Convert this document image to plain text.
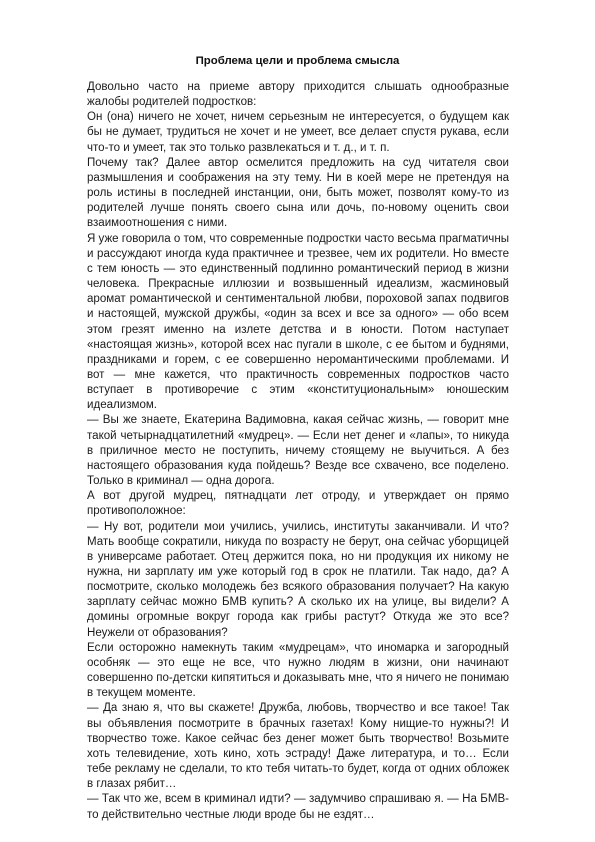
Проблема цели и проблема смысла

Довольно часто на приеме автору приходится слышать однообразные жалобы родителей подростков:

Он (она) ничего не хочет, ничем серьезным не интересуется, о будущем как бы не думает, трудиться не хочет и не умеет, все делает спустя рукава, если что-то и умеет, так это только развлекаться и т. д., и т. п.

Почему так? Далее автор осмелится предложить на суд читателя свои размышления и соображения на эту тему. Ни в коей мере не претендуя на роль истины в последней инстанции, они, быть может, позволят кому-то из родителей лучше понять своего сына или дочь, по-новому оценить свои взаимоотношения с ними.

Я уже говорила о том, что современные подростки часто весьма прагматичны и рассуждают иногда куда практичнее и трезвее, чем их родители. Но вместе с тем юность — это единственный подлинно романтический период в жизни человека. Прекрасные иллюзии и возвышенный идеализм, жасминовый аромат романтической и сентиментальной любви, пороховой запах подвигов и настоящей, мужской дружбы, «один за всех и все за одного» — обо всем этом грезят именно на излете детства и в юности. Потом наступает «настоящая жизнь», которой всех нас пугали в школе, с ее бытом и буднями, праздниками и горем, с ее совершенно неромантическими проблемами. И вот — мне кажется, что практичность современных подростков часто вступает в противоречие с этим «конституциональным» юношеским идеализмом.

— Вы же знаете, Екатерина Вадимовна, какая сейчас жизнь, — говорит мне такой четырнадцатилетний «мудрец». — Если нет денег и «лапы», то никуда в приличное место не поступить, ничему стоящему не выучиться. А без настоящего образования куда пойдешь? Везде все схвачено, все поделено. Только в криминал — одна дорога.

А вот другой мудрец, пятнадцати лет отроду, и утверждает он прямо противоположное:

— Ну вот, родители мои учились, учились, институты заканчивали. И что? Мать вообще сократили, никуда по возрасту не берут, она сейчас уборщицей в универсаме работает. Отец держится пока, но ни продукция их никому не нужна, ни зарплату им уже который год в срок не платили. Так надо, да? А посмотрите, сколько молодежь без всякого образования получает? На какую зарплату сейчас можно БМВ купить? А сколько их на улице, вы видели? А домины огромные вокруг города как грибы растут? Откуда же это все? Неужели от образования?

Если осторожно намекнуть таким «мудрецам», что иномарка и загородный особняк — это еще не все, что нужно людям в жизни, они начинают совершенно по-детски кипятиться и доказывать мне, что я ничего не понимаю в текущем моменте.

— Да знаю я, что вы скажете! Дружба, любовь, творчество и все такое! Так вы объявления посмотрите в брачных газетах! Кому нищие-то нужны?! И творчество тоже. Какое сейчас без денег может быть творчество! Возьмите хоть телевидение, хоть кино, хоть эстраду! Даже литература, и то… Если тебе рекламу не сделали, то кто тебя читать-то будет, когда от одних обложек в глазах рябит…

— Так что же, всем в криминал идти? — задумчиво спрашиваю я. — На БМВ-то действительно честные люди вроде бы не ездят…
